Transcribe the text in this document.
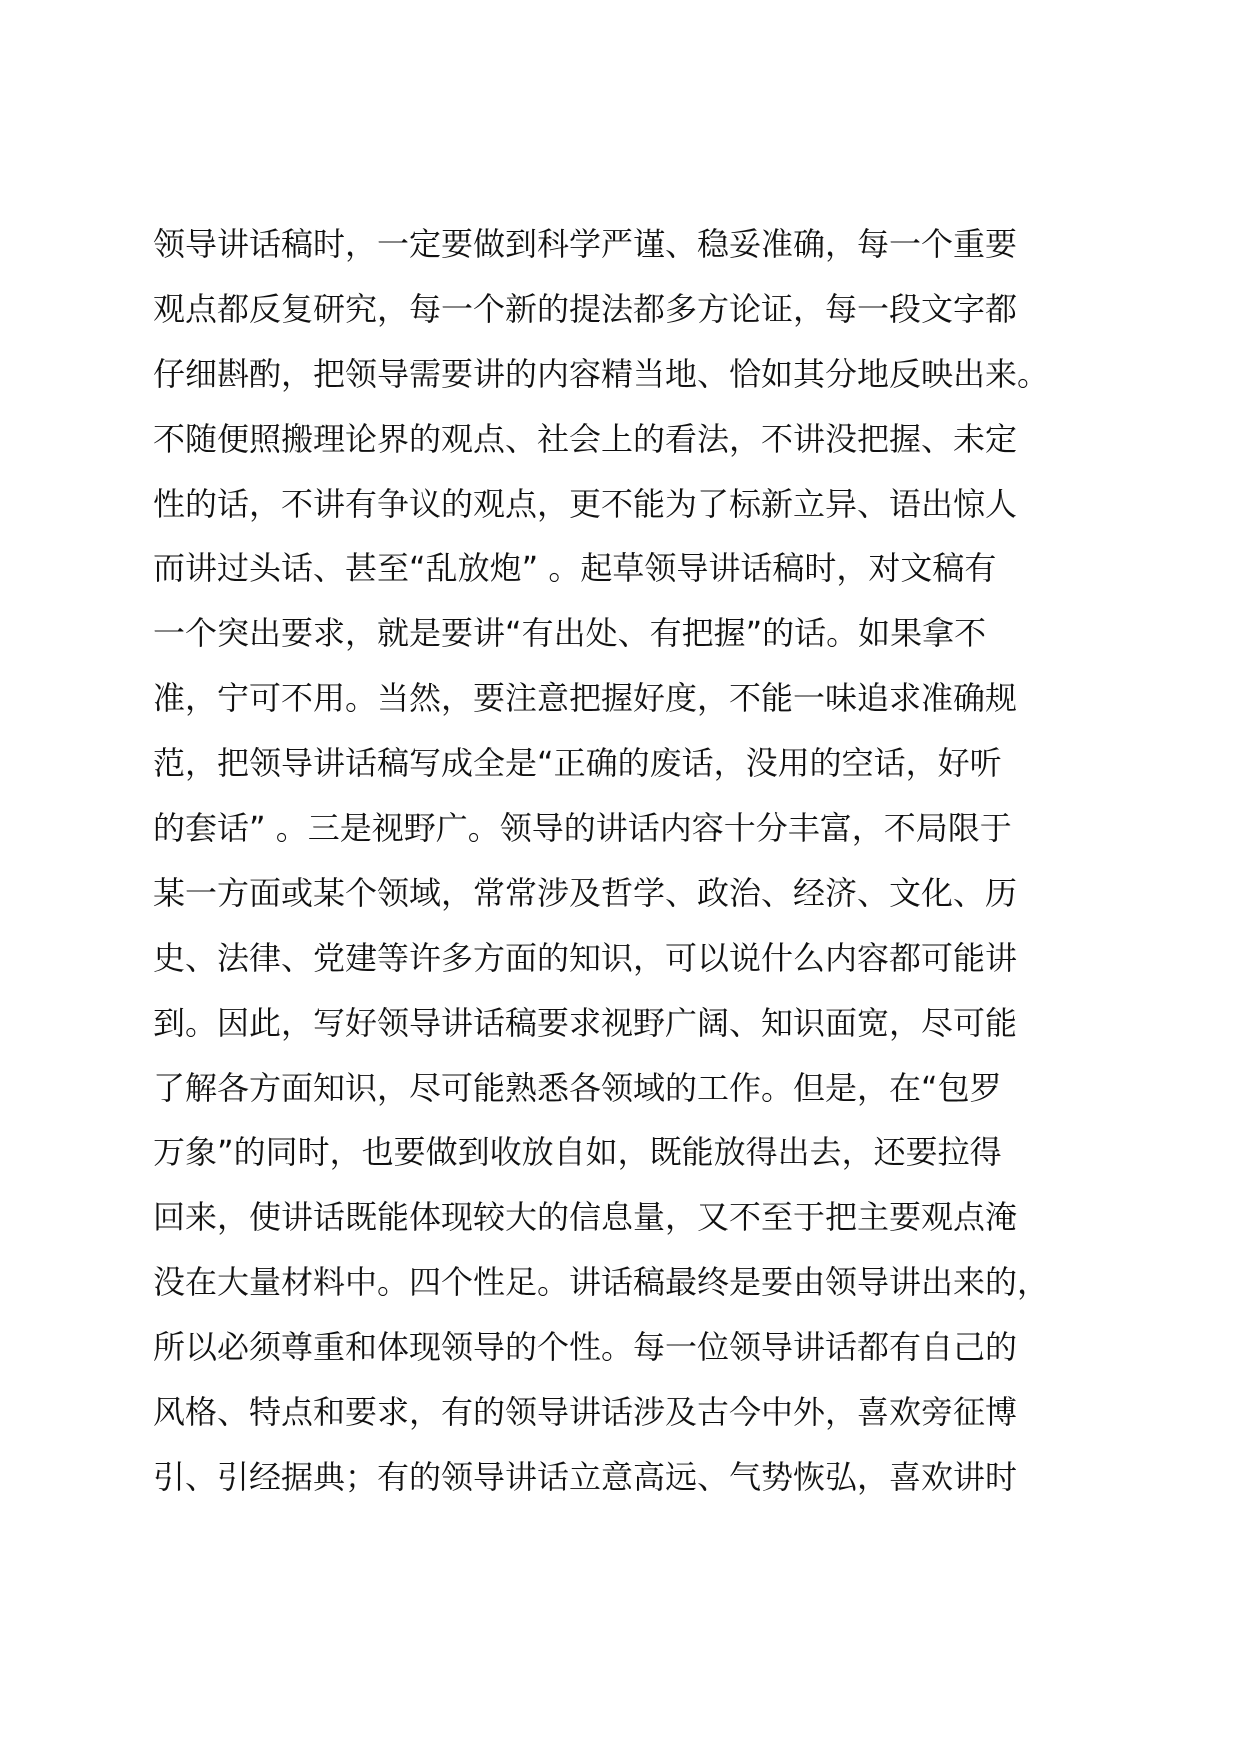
领导讲话稿时，一定要做到科学严谨、稳妥准确，每一个重要
观点都反复研究，每一个新的提法都多方论证，每一段文字都
仔细斟酌，把领导需要讲的内容精当地、恰如其分地反映出来。
不随便照搬理论界的观点、社会上的看法，不讲没把握、未定
性的话，不讲有争议的观点，更不能为了标新立异、语出惊人
而讲过头话、甚至“乱放炮” 。起草领导讲话稿时，对文稿有
一个突出要求，就是要讲“有出处、有把握”的话。如果拿不
准，宁可不用。当然，要注意把握好度，不能一味追求准确规
范，把领导讲话稿写成全是“正确的废话，没用的空话，好听
的套话” 。三是视野广。领导的讲话内容十分丰富，不局限于
某一方面或某个领域，常常涉及哲学、政治、经济、文化、历
史、法律、党建等许多方面的知识，可以说什么内容都可能讲
到。因此，写好领导讲话稿要求视野广阔、知识面宽，尽可能
了解各方面知识，尽可能熟悉各领域的工作。但是，在“包罗
万象”的同时，也要做到收放自如，既能放得出去，还要拉得
回来，使讲话既能体现较大的信息量，又不至于把主要观点淹
没在大量材料中。四个性足。讲话稿最终是要由领导讲出来的，
所以必须尊重和体现领导的个性。每一位领导讲话都有自己的
风格、特点和要求，有的领导讲话涉及古今中外，喜欢旁征博
引、引经据典；有的领导讲话立意高远、气势恢弘，喜欢讲时
